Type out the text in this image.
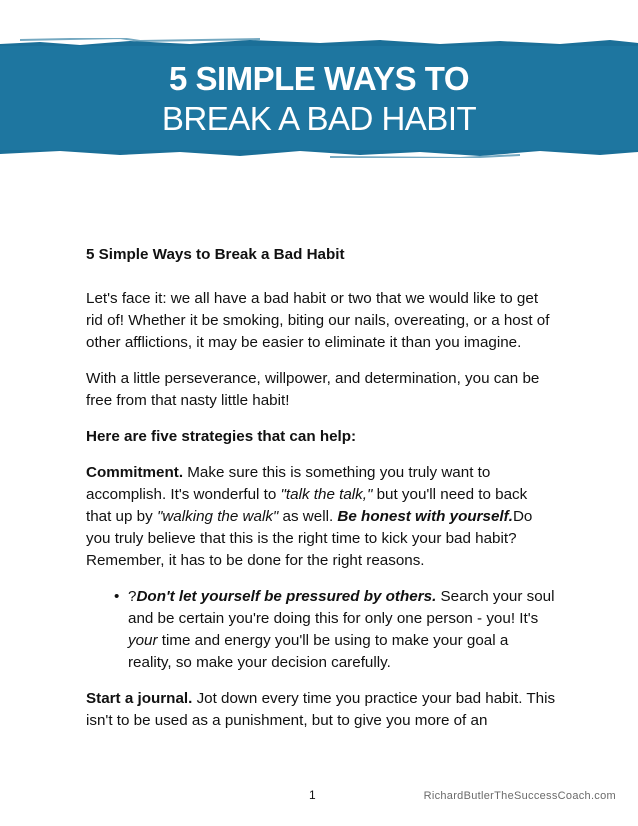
5 SIMPLE WAYS TO
BREAK A BAD HABIT

5 Simple Ways to Break a Bad Habit

Let's face it: we all have a bad habit or two that we would like to get rid of! Whether it be smoking, biting our nails, overeating, or a host of other afflictions, it may be easier to eliminate it than you imagine.

With a little perseverance, willpower, and determination, you can be free from that nasty little habit!

Here are five strategies that can help:

Commitment. Make sure this is something you truly want to accomplish. It's wonderful to "talk the talk," but you'll need to back that up by "walking the walk" as well. Be honest with yourself.Do you truly believe that this is the right time to kick your bad habit? Remember, it has to be done for the right reasons.

• ?Don't let yourself be pressured by others. Search your soul and be certain you're doing this for only one person - you! It's your time and energy you'll be using to make your goal a reality, so make your decision carefully.

Start a journal. Jot down every time you practice your bad habit. This isn't to be used as a punishment, but to give you more of an

1	RichardButlerTheSuccessCoach.com
